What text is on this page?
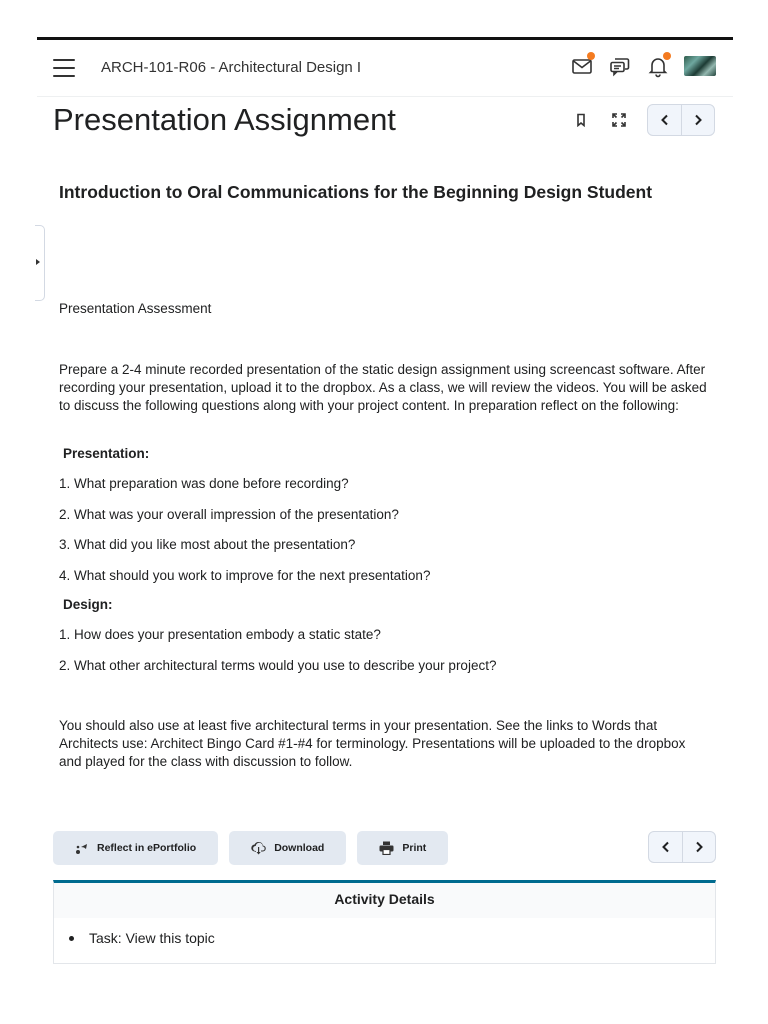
ARCH-101-R06 - Architectural Design I
Presentation Assignment
Introduction to Oral Communications for the Beginning Design Student

Presentation Assessment

Prepare a 2-4 minute recorded presentation of the static design assignment using screencast software. After recording your presentation, upload it to the dropbox. As a class, we will review the videos. You will be asked to discuss the following questions along with your project content. In preparation reflect on the following:

Presentation:

1. What preparation was done before recording?

2. What was your overall impression of the presentation?

3. What did you like most about the presentation?

4. What should you work to improve for the next presentation?

Design:

1. How does your presentation embody a static state?

2. What other architectural terms would you use to describe your project?

You should also use at least five architectural terms in your presentation. See the links to Words that Architects use: Architect Bingo Card #1-#4 for terminology. Presentations will be uploaded to the dropbox and played for the class with discussion to follow.

Reflect in ePortfolio	Download	Print
Activity Details
Task: View this topic
